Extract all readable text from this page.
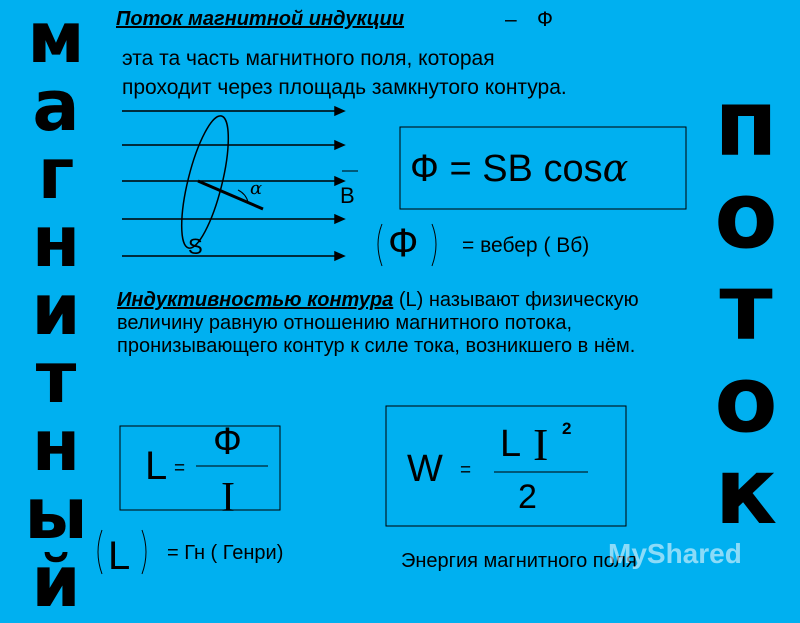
м
а
г
н
и
т
н
ы
й
п
о
т
о
к
Поток магнитной индукции	– Ф
эта та часть магнитного поля, которая
проходит через площадь замкнутого контура.
α	B
S
Ф = SB cosα
Ф = вебер ( Вб)
Индуктивностью контура (L) называют физическую величину равную отношению магнитного потока, пронизывающего контур к силе тока, возникшего в нём.
L =
Ф
I
L = Гн ( Генри)
W =
L I 2
2
Энергия магнитного поля
MyShared
